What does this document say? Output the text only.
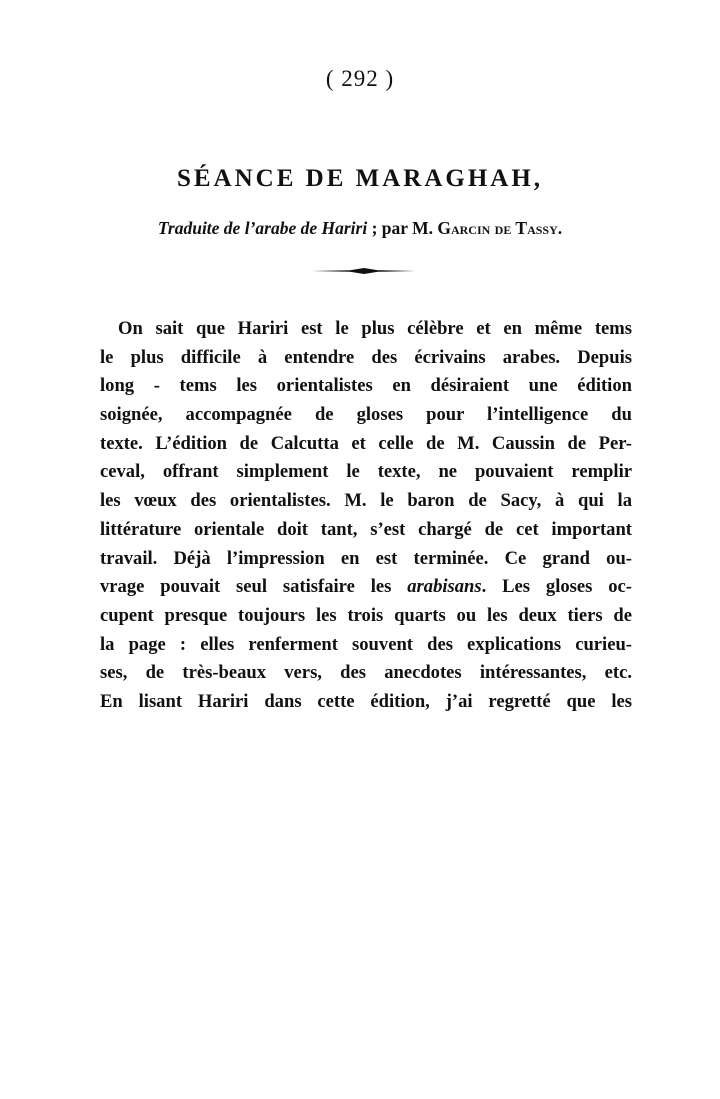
( 292 )
SÉANCE DE MARAGHAH,
Traduite de l’arabe de Hariri ; par M. Garcin de Tassy.
On sait que Hariri est le plus célèbre et en même tems
le plus difficile à entendre des écrivains arabes. Depuis
long - tems les orientalistes en désiraient une édition
soignée, accompagnée de gloses pour l’intelligence du
texte. L’édition de Calcutta et celle de M. Caussin de Per-
ceval, offrant simplement le texte, ne pouvaient remplir
les vœux des orientalistes. M. le baron de Sacy, à qui la
littérature orientale doit tant, s’est chargé de cet important
travail. Déjà l’impression en est terminée. Ce grand ou-
vrage pouvait seul satisfaire les arabisans. Les gloses oc-
cupent presque toujours les trois quarts ou les deux tiers de
la page : elles renferment souvent des explications curieu-
ses, de très-beaux vers, des anecdotes intéressantes, etc.
En lisant Hariri dans cette édition, j’ai regretté que les
